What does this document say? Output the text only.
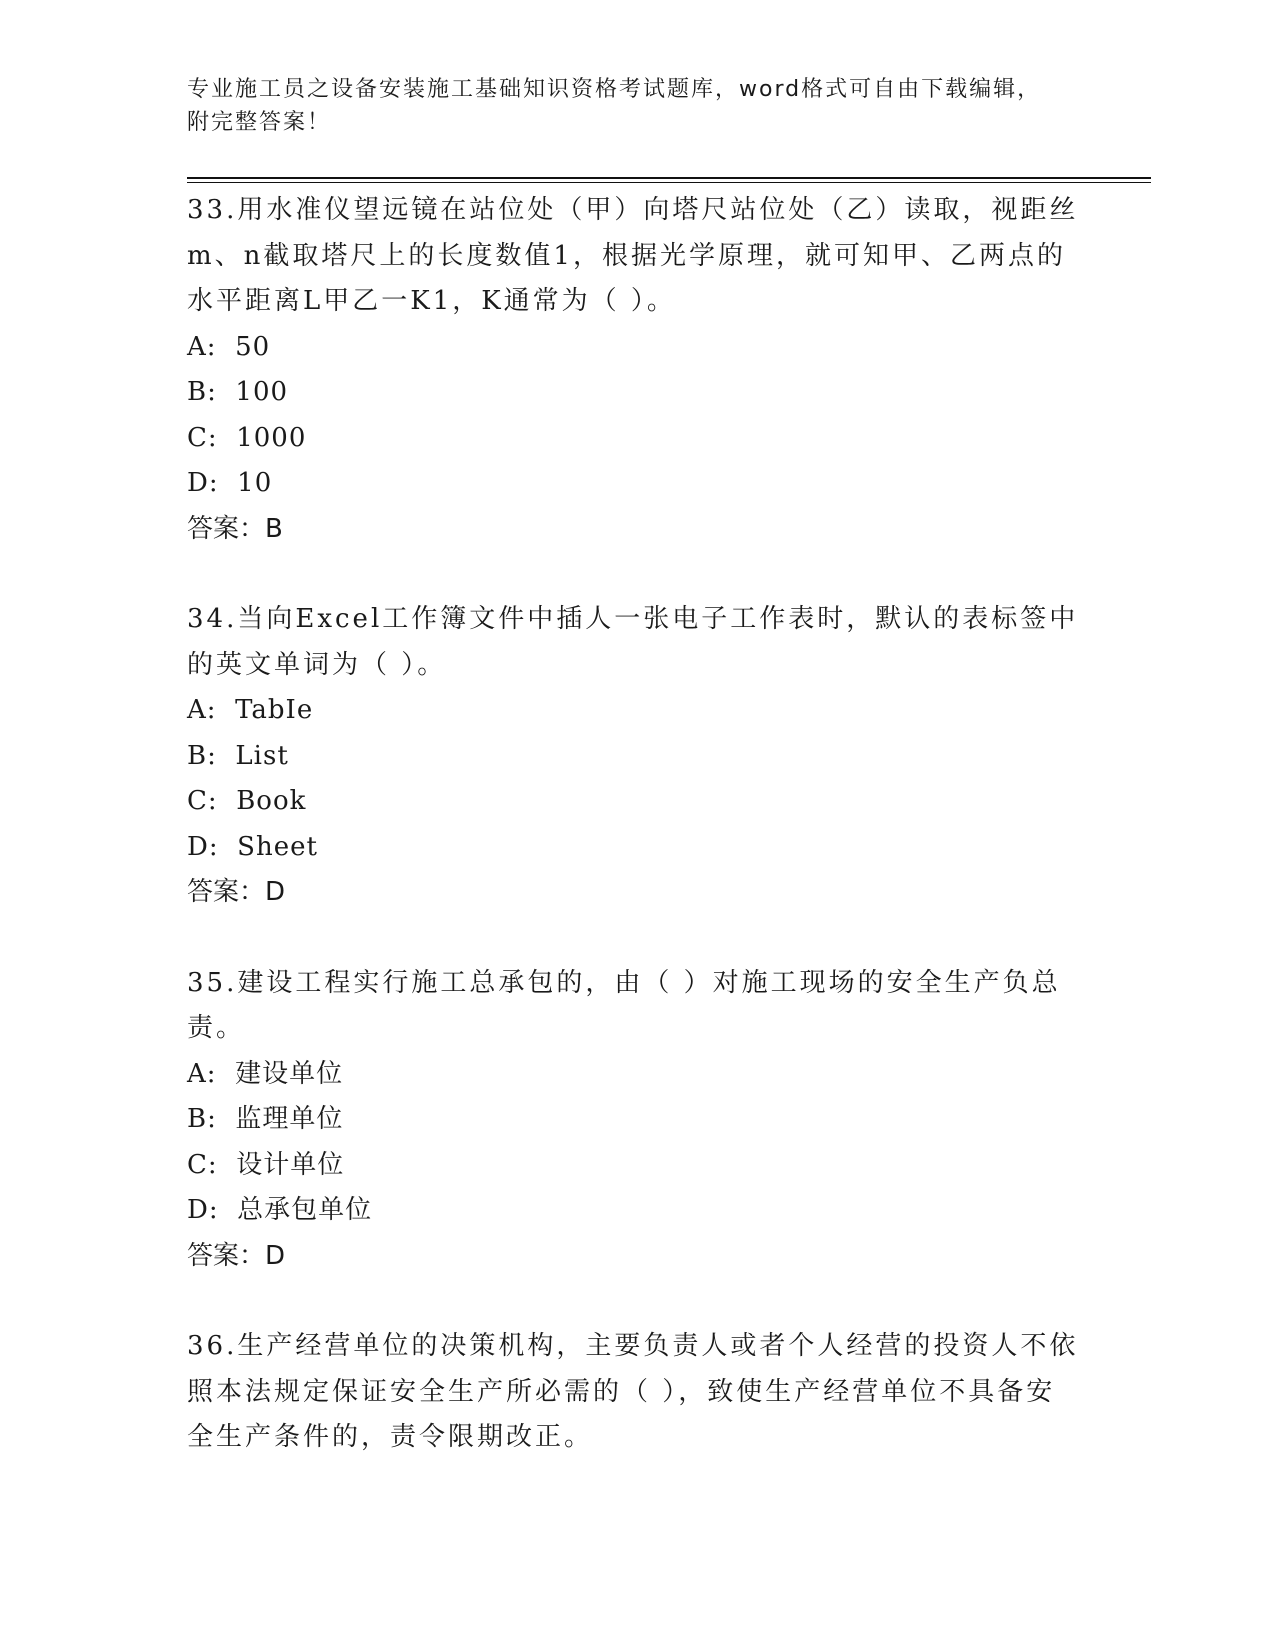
专业施工员之设备安装施工基础知识资格考试题库，word格式可自由下载编辑，
附完整答案！

33.用水准仪望远镜在站位处（甲）向塔尺站位处（乙）读取，视距丝

m、n截取塔尺上的长度数值1，根据光学原理，就可知甲、乙两点的

水平距离L甲乙一K1，K通常为（ ）。

A:  50

B:  100

C:  1000

D:  10

答案：B

34.当向Excel工作簿文件中插人一张电子工作表时，默认的表标签中

的英文单词为（ ）。

A:  TabIe

B:  List

C:  Book

D:  Sheet

答案：D

35.建设工程实行施工总承包的，由（ ）对施工现场的安全生产负总

责。

A:  建设单位

B:  监理单位

C:  设计单位

D:  总承包单位

答案：D

36.生产经营单位的决策机构，主要负责人或者个人经营的投资人不依

照本法规定保证安全生产所必需的（ ），致使生产经营单位不具备安

全生产条件的，责令限期改正。
